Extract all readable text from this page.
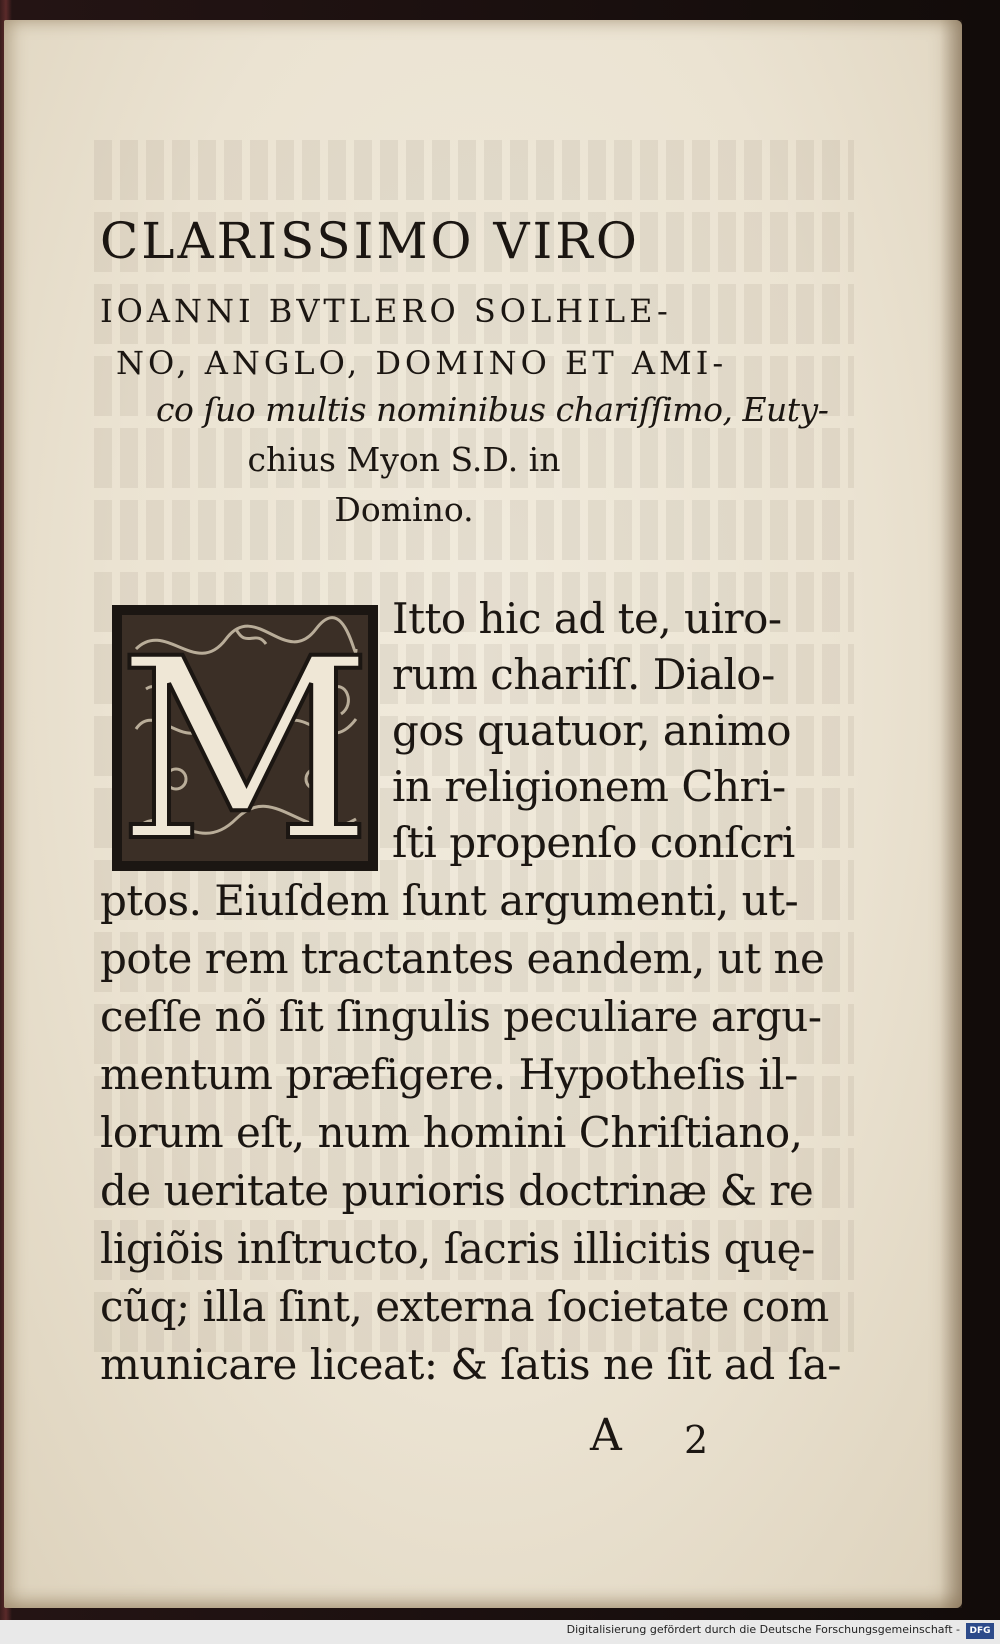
CLARISSIMO VIRO
IOANNI BVTLERO SOLHILE-
NO, ANGLO, DOMINO ET AMI-
co ſuo multis nominibus chariſſimo, Euty-
chius Myon S.D. in
Domino.
M Itto hic ad te, uiro-
rum chariſſ. Dialo-
gos quatuor, animo
in religionem Chri-
ſti propenſo conſcri
ptos. Eiuſdem ſunt argumenti, ut-
pote rem tractantes eandem, ut ne
ceſſe nõ ſit ſingulis peculiare argu-
mentum præfigere. Hypotheſis il-
lorum eſt, num homini Chriſtiano,
de ueritate purioris doctrinæ & re
ligiõis inſtructo, ſacris illicitis quę-
cũq; illa ſint, externa ſocietate com
municare liceat: & ſatis ne ſit ad ſa-
A 2
Digitalisierung gefördert durch die Deutsche Forschungsgemeinschaft -	DFG
